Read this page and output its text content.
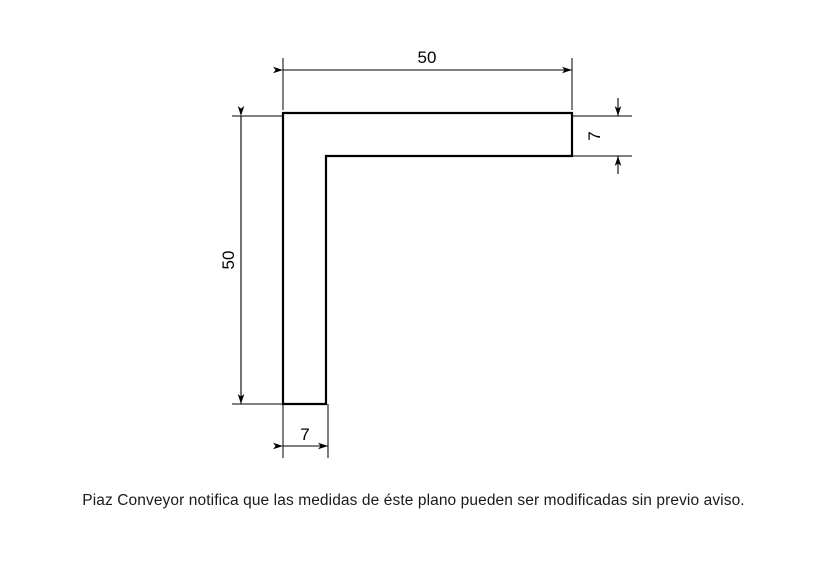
50
50
7
7
Piaz Conveyor notifica que las medidas de éste plano pueden ser modificadas sin previo aviso.
